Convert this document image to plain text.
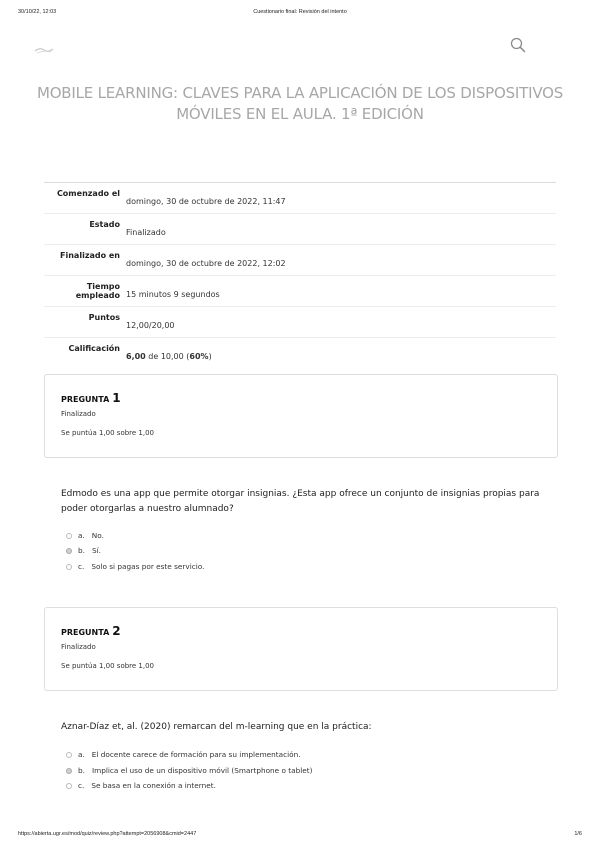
30/10/22, 12:03	Cuestionario final: Revisión del intento
MOBILE LEARNING: CLAVES PARA LA APLICACIÓN DE LOS DISPOSITIVOS
MÓVILES EN EL AULA. 1ª EDICIÓN
Comenzado el
domingo, 30 de octubre de 2022, 11:47
Estado
Finalizado
Finalizado en
domingo, 30 de octubre de 2022, 12:02
Tiempo empleado 15 minutos 9 segundos
Puntos
12,00/20,00
Calificación
6,00 de 10,00 (60%)
PREGUNTA 1
Finalizado
Se puntúa 1,00 sobre 1,00
Edmodo es una app que permite otorgar insignias. ¿Esta app ofrece un conjunto de insignias propias para
poder otorgarlas a nuestro alumnado?
a. No.
b. Sí.
c. Solo si pagas por este servicio.
PREGUNTA 2
Finalizado
Se puntúa 1,00 sobre 1,00
Aznar-Díaz et, al. (2020) remarcan del m-learning que en la práctica:
a. El docente carece de formación para su implementación.
b. Implica el uso de un dispositivo móvil (Smartphone o tablet)
c. Se basa en la conexión a internet.
https://abierta.ugr.es/mod/quiz/review.php?attempt=2056908&cmid=2447	1/6
